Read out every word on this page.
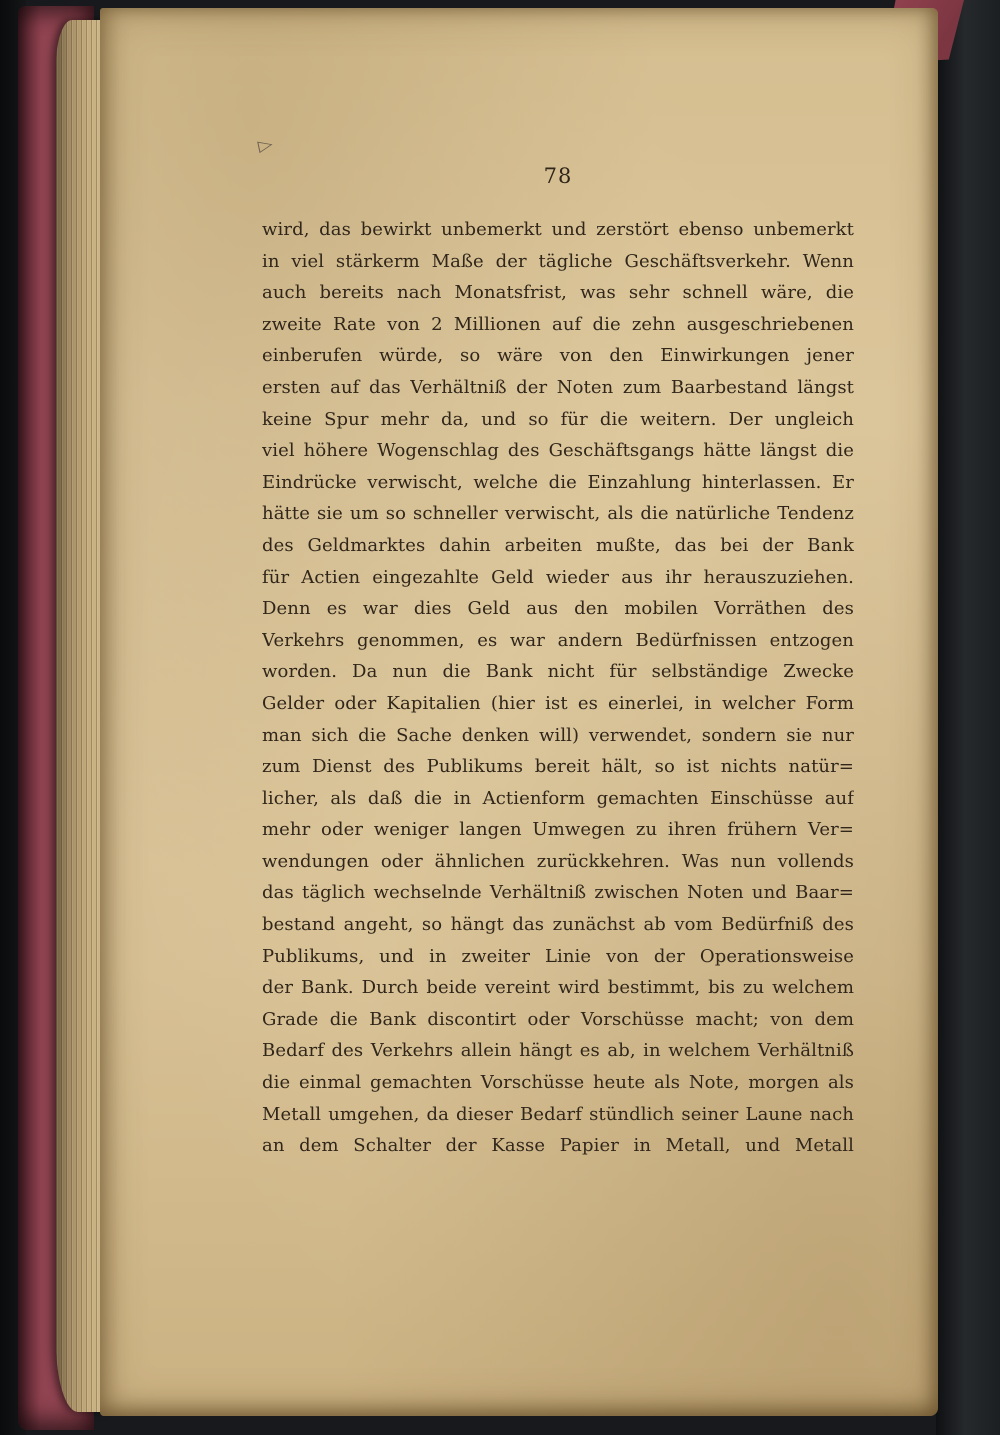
▷
78
wird, das bewirkt unbemerkt und zerstört ebenso unbemerkt
in viel stärkerm Maße der tägliche Geschäftsverkehr. Wenn
auch bereits nach Monatsfrist, was sehr schnell wäre, die
zweite Rate von 2 Millionen auf die zehn ausgeschriebenen
einberufen würde, so wäre von den Einwirkungen jener
ersten auf das Verhältniß der Noten zum Baarbestand längst
keine Spur mehr da, und so für die weitern. Der ungleich
viel höhere Wogenschlag des Geschäftsgangs hätte längst die
Eindrücke verwischt, welche die Einzahlung hinterlassen. Er
hätte sie um so schneller verwischt, als die natürliche Tendenz
des Geldmarktes dahin arbeiten mußte, das bei der Bank
für Actien eingezahlte Geld wieder aus ihr herauszuziehen.
Denn es war dies Geld aus den mobilen Vorräthen des
Verkehrs genommen, es war andern Bedürfnissen entzogen
worden. Da nun die Bank nicht für selbständige Zwecke
Gelder oder Kapitalien (hier ist es einerlei, in welcher Form
man sich die Sache denken will) verwendet, sondern sie nur
zum Dienst des Publikums bereit hält, so ist nichts natür=
licher, als daß die in Actienform gemachten Einschüsse auf
mehr oder weniger langen Umwegen zu ihren frühern Ver=
wendungen oder ähnlichen zurückkehren. Was nun vollends
das täglich wechselnde Verhältniß zwischen Noten und Baar=
bestand angeht, so hängt das zunächst ab vom Bedürfniß des
Publikums, und in zweiter Linie von der Operationsweise
der Bank. Durch beide vereint wird bestimmt, bis zu welchem
Grade die Bank discontirt oder Vorschüsse macht; von dem
Bedarf des Verkehrs allein hängt es ab, in welchem Verhältniß
die einmal gemachten Vorschüsse heute als Note, morgen als
Metall umgehen, da dieser Bedarf stündlich seiner Laune nach
an dem Schalter der Kasse Papier in Metall, und Metall
